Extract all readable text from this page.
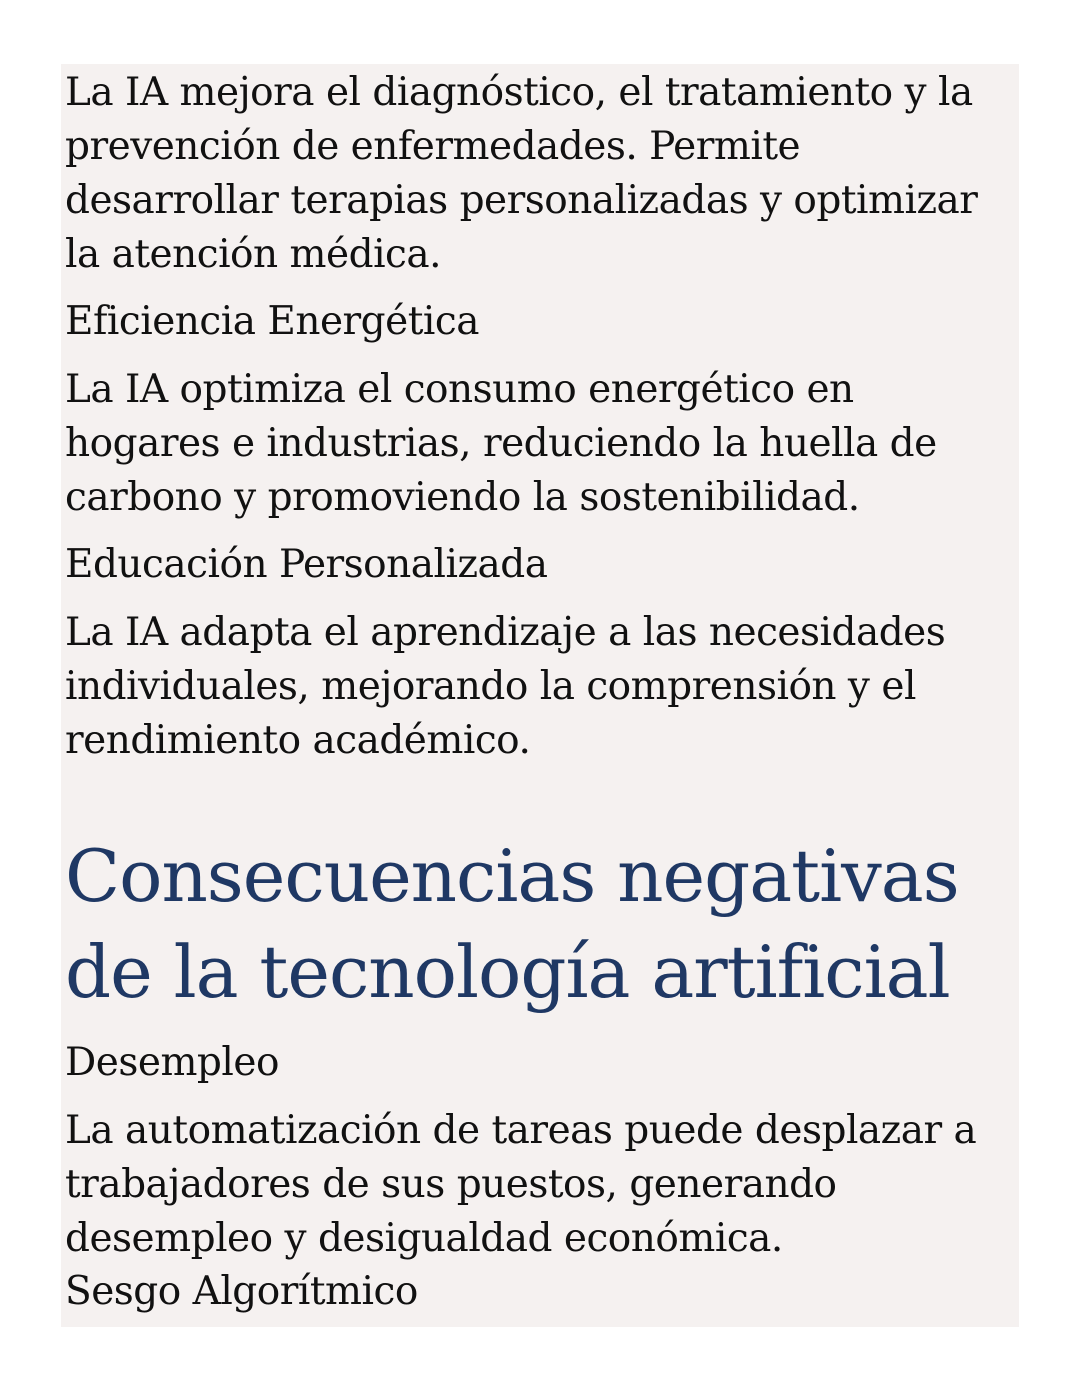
La IA mejora el diagnóstico, el tratamiento y la
prevención de enfermedades. Permite
desarrollar terapias personalizadas y optimizar
la atención médica.
Eficiencia Energética
La IA optimiza el consumo energético en
hogares e industrias, reduciendo la huella de
carbono y promoviendo la sostenibilidad.
Educación Personalizada
La IA adapta el aprendizaje a las necesidades
individuales, mejorando la comprensión y el
rendimiento académico.
Consecuencias negativas
de la tecnología artificial
Desempleo
La automatización de tareas puede desplazar a
trabajadores de sus puestos, generando
desempleo y desigualdad económica.
Sesgo Algorítmico
